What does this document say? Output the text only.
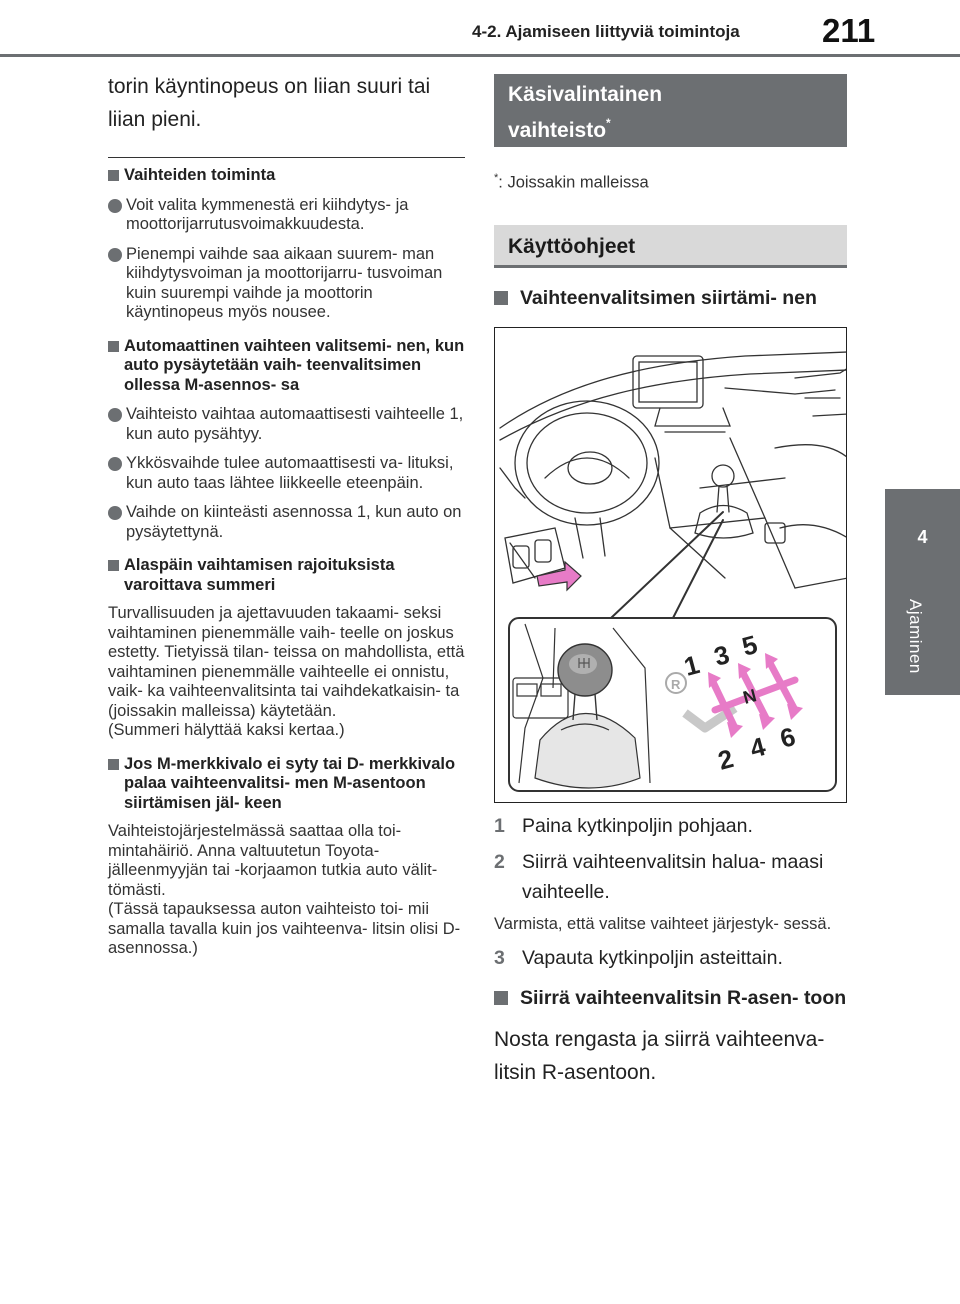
4-2. Ajamiseen liittyviä toimintoja 211
4
Ajaminen

torin käyntinopeus on liian suuri tai liian pieni.

Vaihteiden toiminta
Voit valita kymmenestä eri kiihdytys- ja moottorijarrutusvoimakkuudesta.
Pienempi vaihde saa aikaan suurem- man kiihdytysvoiman ja moottorijarru- tusvoiman kuin suurempi vaihde ja moottorin käyntinopeus myös nousee.
Automaattinen vaihteen valitsemi- nen, kun auto pysäytetään vaih- teenvalitsimen ollessa M-asennos- sa
Vaihteisto vaihtaa automaattisesti vaihteelle 1, kun auto pysähtyy.
Ykkösvaihde tulee automaattisesti va- lituksi, kun auto taas lähtee liikkeelle eteenpäin.
Vaihde on kiinteästi asennossa 1, kun auto on pysäytettynä.
Alaspäin vaihtamisen rajoituksista varoittava summeri

Turvallisuuden ja ajettavuuden takaami- seksi vaihtaminen pienemmälle vaih- teelle on joskus estetty. Tietyissä tilan- teissa on mahdollista, että vaihtaminen pienemmälle vaihteelle ei onnistu, vaik- ka vaihteenvalitsinta tai vaihdekatkaisin- ta (joissakin malleissa) käytetään.
(Summeri hälyttää kaksi kertaa.)

Jos M-merkkivalo ei syty tai D- merkkivalo palaa vaihteenvalitsi- men M-asentoon siirtämisen jäl- keen

Vaihteistojärjestelmässä saattaa olla toi- mintahäiriö. Anna valtuutetun Toyota- jälleenmyyjän tai -korjaamon tutkia auto välit- tömästi.
(Tässä tapauksessa auton vaihteisto toi- mii samalla tavalla kuin jos vaihteenva- litsin olisi D-asennossa.)

Käsivalintainen
vaihteisto*

*: Joissakin malleissa

Käyttöohjeet
Vaihteenvalitsimen siirtämi- nen
R
1 3 5
N
2 4 6
1 Paina kytkinpoljin pohjaan.
2 Siirrä vaihteenvalitsin halua- maasi vaihteelle.

Varmista, että valitse vaihteet järjestyk- sessä.

3 Vapauta kytkinpoljin asteittain.
Siirrä vaihteenvalitsin R-asen- toon

Nosta rengasta ja siirrä vaihteenva- litsin R-asentoon.
